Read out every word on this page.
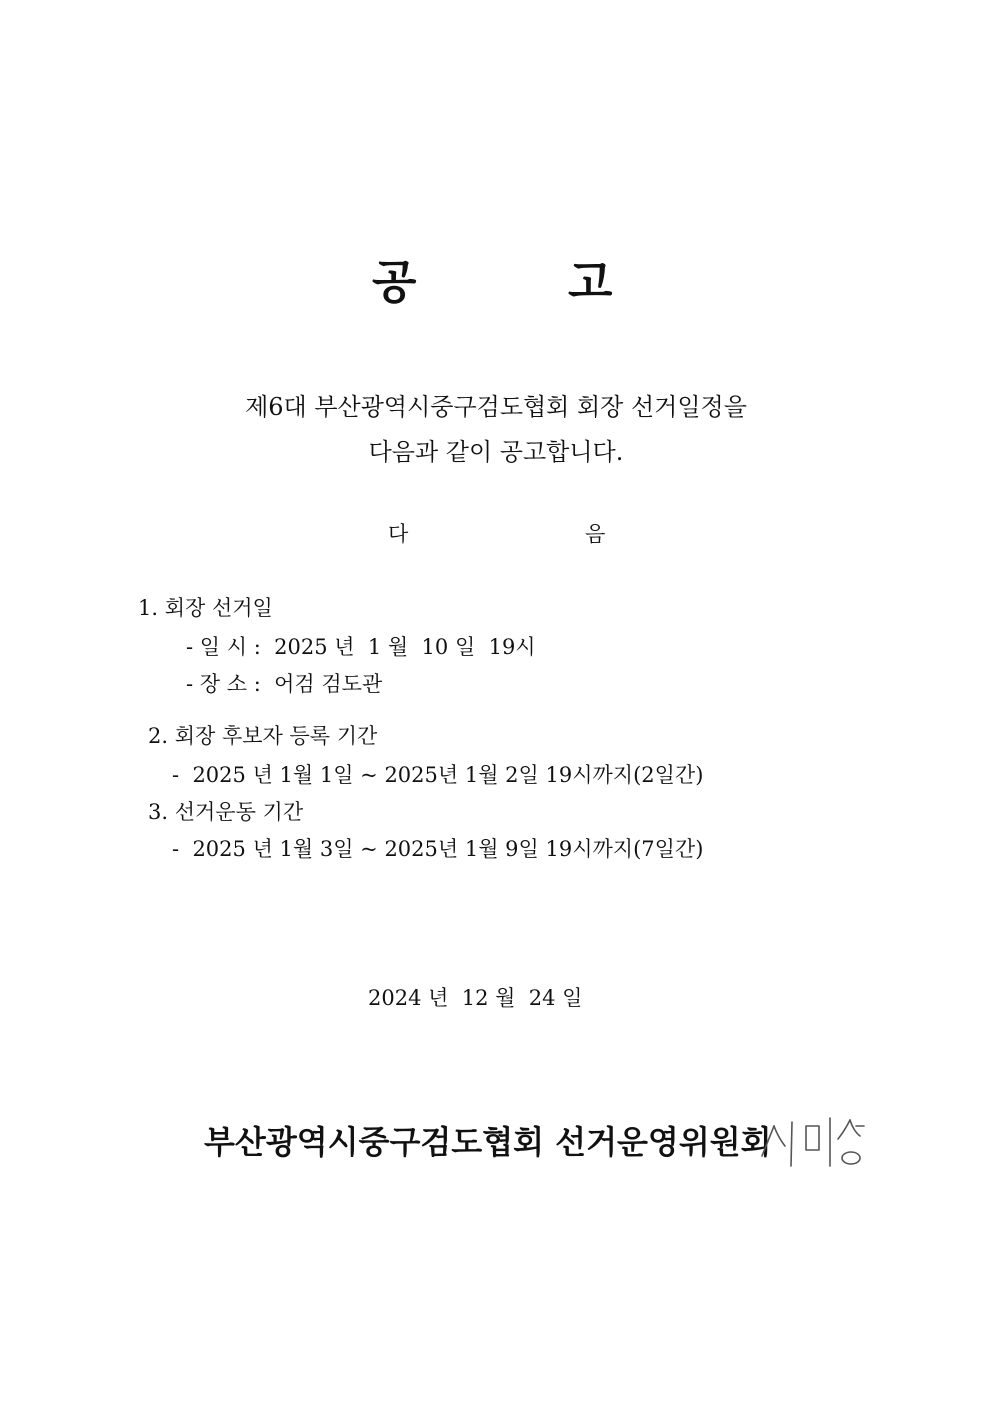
공	고
제6대 부산광역시중구검도협회 회장 선거일정을
다음과 같이 공고합니다.
다	음
1. 회장 선거일
- 일 시 :  2025 년  1 월  10 일  19시
- 장 소 :  어검 검도관
2. 회장 후보자 등록 기간
-  2025 년 1월 1일 ~ 2025년 1월 2일 19시까지(2일간)
3. 선거운동 기간
-  2025 년 1월 3일 ~ 2025년 1월 9일 19시까지(7일간)
2024 년  12 월  24 일
부산광역시중구검도협회 선거운영위원회
